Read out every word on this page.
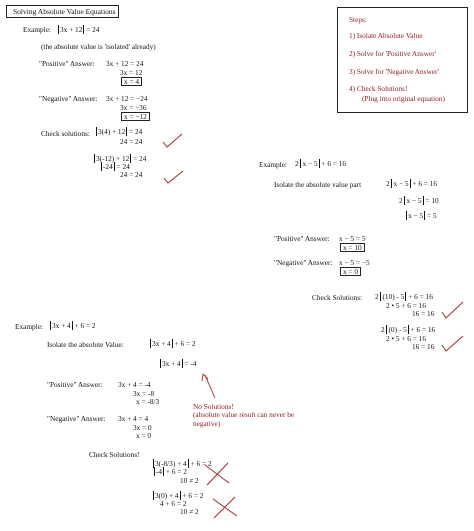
Solving Absolute Value Equations
Steps:
1) Isolate Absolute Value
2) Solve for 'Positive Answer'
3) Solve for 'Negative Answer'
4) Check Solutions!
(Plug into original equation)
Example: 3x + 12 = 24
(the absolute value is 'isolated' already)
"Positive" Answer: 3x + 12 = 24
3x = 12
x = 4
"Negative" Answer: 3x + 12 = −24
3x = −36
x = −12
Check solutions: 3(4) + 12 = 24
24 = 24
3(-12) + 12 = 24
-24 = 24
24 = 24
Example: 2 x − 5 + 6 = 16
Isolate the absolute value part	2 x − 5 + 6 = 16
2 x − 5 = 10
x − 5 = 5
"Positive" Answer: x − 5 = 5
x = 10
"Negative" Answer: x − 5 = −5
x = 0
Check Solutions: 2 (10) - 5 + 6 = 16
2 • 5 + 6 = 16
16 = 16
2 (0) - 5 + 6 = 16
2 • 5 + 6 = 16
16 = 16
Example: 3x + 4 + 6 = 2
Isolate the absolute Value:	3x + 4 + 6 = 2
3x + 4 = -4
No Solutions!
(absolute value result can never be
negative)
"Positive" Answer: 3x + 4 = -4
3x = -8
x = -8/3
"Negative" Answer: 3x + 4 = 4
3x = 0
x = 0
Check Solutions!
3(-8/3) + 4 + 6 = 2
-4 + 6 = 2
10 ≠ 2
3(0) + 4 + 6 = 2
4 + 6 = 2
10 ≠ 2
